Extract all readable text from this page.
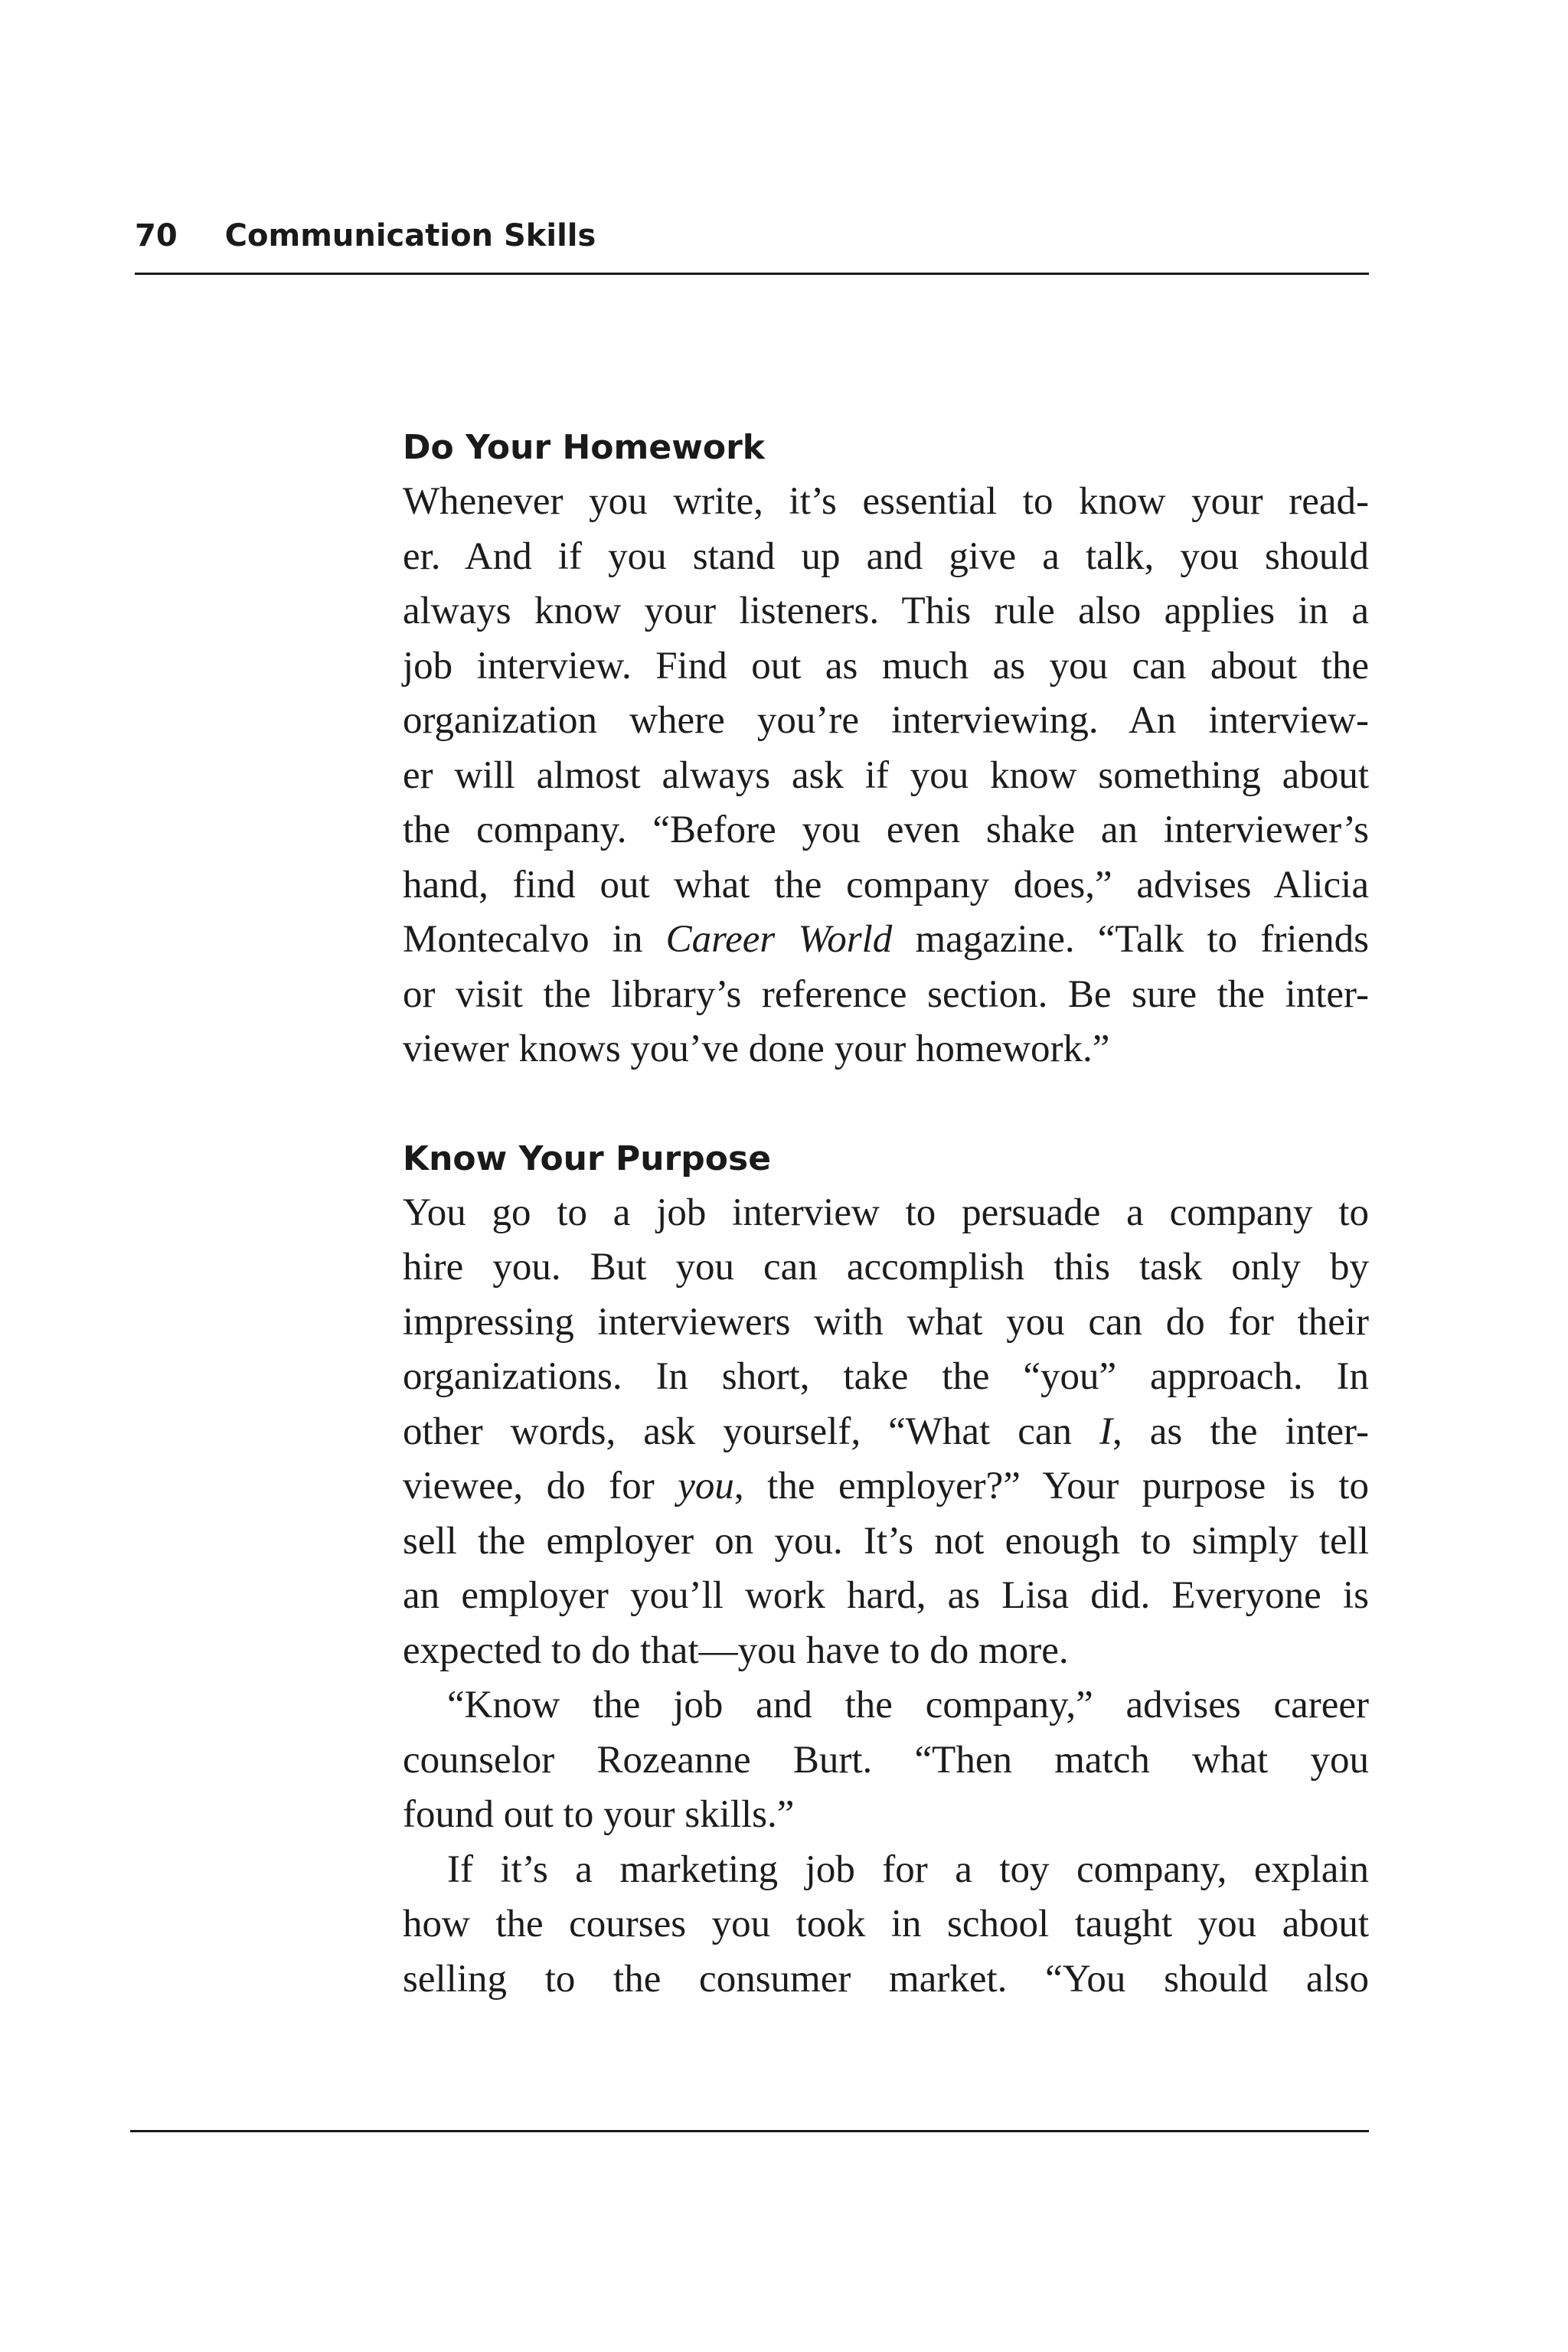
70 Communication Skills
Do Your Homework
Whenever you write, it’s essential to know your read-
er. And if you stand up and give a talk, you should
always know your listeners. This rule also applies in a
job interview. Find out as much as you can about the
organization where you’re interviewing. An interview-
er will almost always ask if you know something about
the company. “Before you even shake an interviewer’s
hand, find out what the company does,” advises Alicia
Montecalvo in Career World magazine. “Talk to friends
or visit the library’s reference section. Be sure the inter-
viewer knows you’ve done your homework.”
Know Your Purpose
You go to a job interview to persuade a company to
hire you. But you can accomplish this task only by
impressing interviewers with what you can do for their
organizations. In short, take the “you” approach. In
other words, ask yourself, “What can I, as the inter-
viewee, do for you, the employer?” Your purpose is to
sell the employer on you. It’s not enough to simply tell
an employer you’ll work hard, as Lisa did. Everyone is
expected to do that—you have to do more.
“Know the job and the company,” advises career
counselor Rozeanne Burt. “Then match what you
found out to your skills.”
If it’s a marketing job for a toy company, explain
how the courses you took in school taught you about
selling to the consumer market. “You should also
